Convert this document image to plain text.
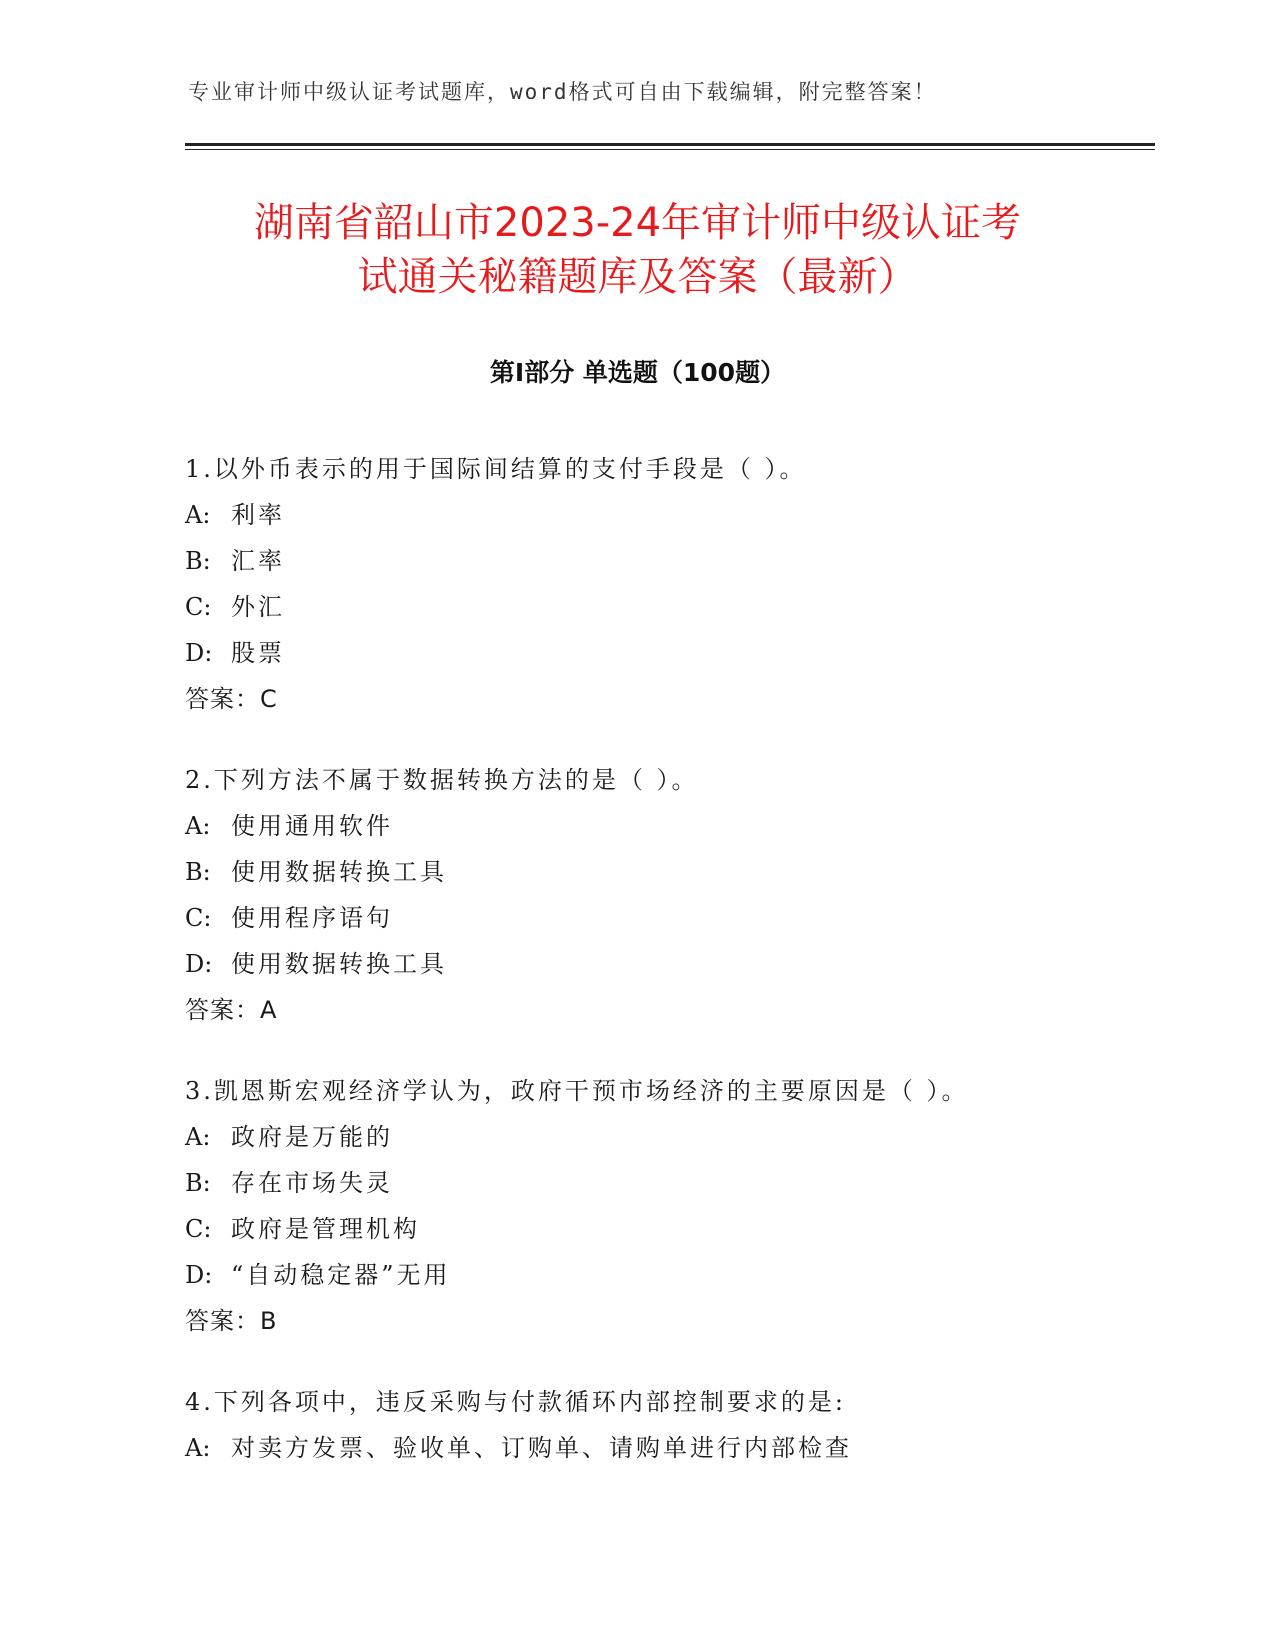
专业审计师中级认证考试题库，word格式可自由下载编辑，附完整答案！
湖南省韶山市2023-24年审计师中级认证考
试通关秘籍题库及答案（最新）
第Ⅰ部分 单选题（100题）
1.以外币表示的用于国际间结算的支付手段是（ ）。
A: 利率
B: 汇率
C: 外汇
D: 股票
答案：C
2.下列方法不属于数据转换方法的是（ ）。
A: 使用通用软件
B: 使用数据转换工具
C: 使用程序语句
D: 使用数据转换工具
答案：A
3.凯恩斯宏观经济学认为，政府干预市场经济的主要原因是（ ）。
A: 政府是万能的
B: 存在市场失灵
C: 政府是管理机构
D: “自动稳定器”无用
答案：B
4.下列各项中，违反采购与付款循环内部控制要求的是:
A: 对卖方发票、验收单、订购单、请购单进行内部检查
